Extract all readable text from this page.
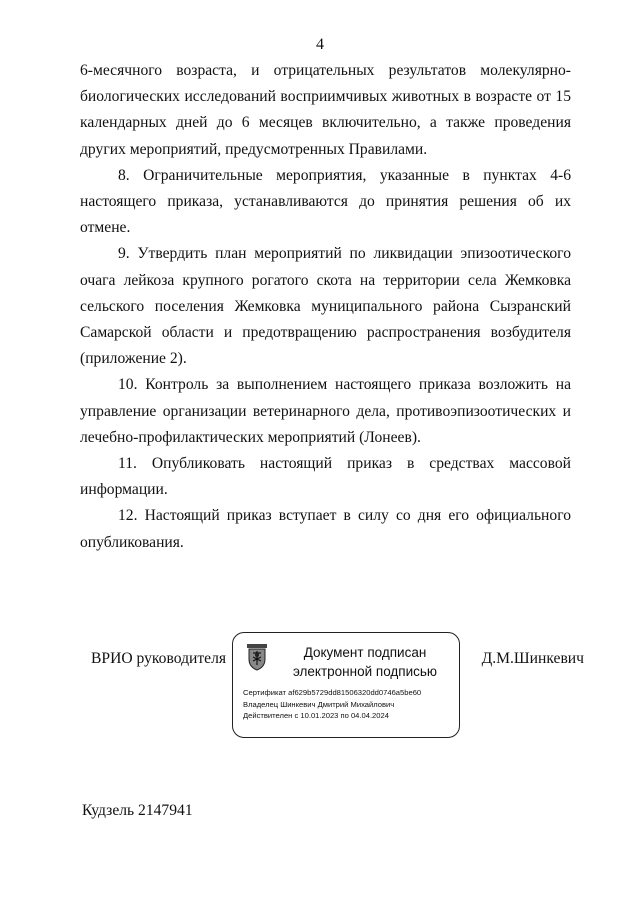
4

6-месячного возраста, и отрицательных результатов молекулярно-биологических исследований восприимчивых животных в возрасте от 15 календарных дней до 6 месяцев включительно, а также проведения других мероприятий, предусмотренных Правилами.

8. Ограничительные мероприятия, указанные в пунктах 4-6 настоящего приказа, устанавливаются до принятия решения об их отмене.

9. Утвердить план мероприятий по ликвидации эпизоотического очага лейкоза крупного рогатого скота на территории села Жемковка сельского поселения Жемковка муниципального района Сызранский Самарской области и предотвращению распространения возбудителя (приложение 2).

10. Контроль за выполнением настоящего приказа возложить на управление организации ветеринарного дела, противоэпизоотических и лечебно-профилактических мероприятий (Лонеев).

11. Опубликовать настоящий приказ в средствах массовой информации.

12. Настоящий приказ вступает в силу со дня его официального опубликования.

ВРИО руководителя	Документ подписан
электронной подписью
Сертификат af629b5729dd81506320dd0746a5be60
Владелец Шинкевич Дмитрий Михайлович
Действителен с 10.01.2023 по 04.04.2024
Д.М.Шинкевич
Кудзель 2147941
